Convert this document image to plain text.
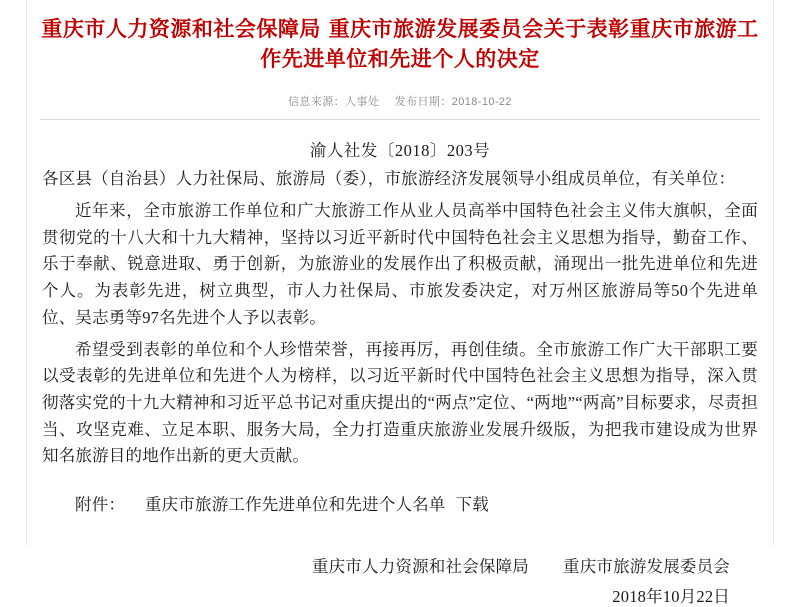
重庆市人力资源和社会保障局 重庆市旅游发展委员会关于表彰重庆市旅游工作先进单位和先进个人的决定
信息来源：人事处 发布日期：2018-10-22
渝人社发〔2018〕203号
各区县（自治县）人力社保局、旅游局（委），市旅游经济发展领导小组成员单位，有关单位：

近年来，全市旅游工作单位和广大旅游工作从业人员高举中国特色社会主义伟大旗帜，全面贯彻党的十八大和十九大精神，坚持以习近平新时代中国特色社会主义思想为指导，勤奋工作、乐于奉献、锐意进取、勇于创新，为旅游业的发展作出了积极贡献，涌现出一批先进单位和先进个人。为表彰先进，树立典型，市人力社保局、市旅发委决定，对万州区旅游局等50个先进单位、吴志勇等97名先进个人予以表彰。

希望受到表彰的单位和个人珍惜荣誉，再接再厉，再创佳绩。全市旅游工作广大干部职工要以受表彰的先进单位和先进个人为榜样，以习近平新时代中国特色社会主义思想为指导，深入贯彻落实党的十九大精神和习近平总书记对重庆提出的“两点”定位、“两地”“两高”目标要求，尽责担当、攻坚克难、立足本职、服务大局，全力打造重庆旅游业发展升级版，为把我市建设成为世界知名旅游目的地作出新的更大贡献。

附件： 重庆市旅游工作先进单位和先进个人名单 下载
重庆市人力资源和社会保障局 重庆市旅游发展委员会
2018年10月22日
